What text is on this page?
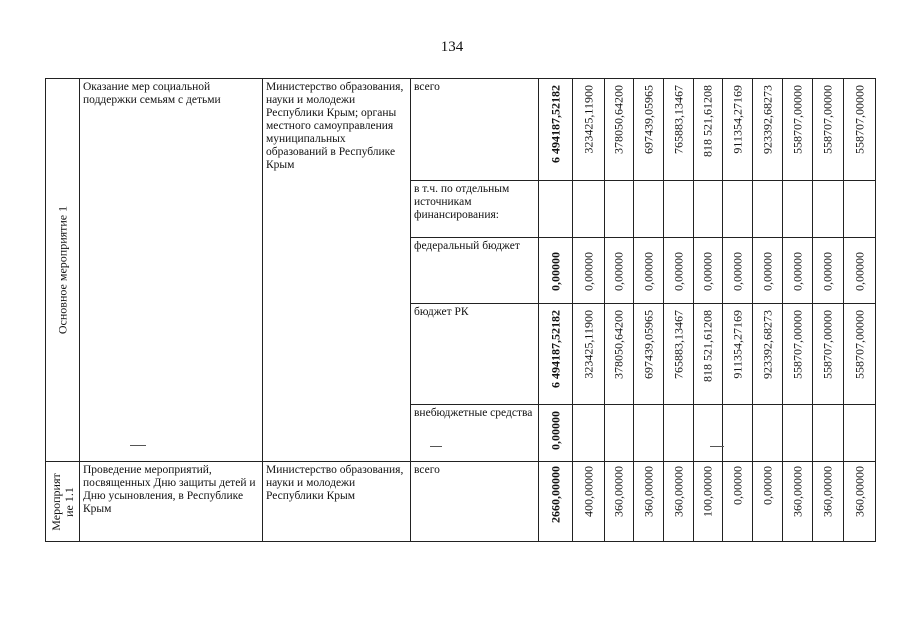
134
Основное мероприятие 1	Оказание мер социальной поддержки семьям с детьми	Министерство образования, науки и молодежи Республики Крым; органы местного самоуправления муниципальных образований в Республике Крым	всего	6 494187,52182	323425,11900	378050,64200	697439,05965	765883,13467	818 521,61208	911354,27169	923392,68273	558707,00000	558707,00000	558707,00000

			в т.ч. по отдельным источникам финансирования:											

			федеральный бюджет	0,00000	0,00000	0,00000	0,00000	0,00000	0,00000	0,00000	0,00000	0,00000	0,00000	0,00000

			бюджет РК	6 494187,52182	323425,11900	378050,64200	697439,05965	765883,13467	818 521,61208	911354,27169	923392,68273	558707,00000	558707,00000	558707,00000

			внебюджетные средства	0,00000										

Мероприят ие 1.1	Проведение мероприятий, посвященных Дню защиты детей и Дню усыновления, в Республике Крым	Министерство образования, науки и молодежи Республики Крым	всего	2660,00000	400,00000	360,00000	360,00000	360,00000	100,00000	0,00000	0,00000	360,00000	360,00000	360,00000
